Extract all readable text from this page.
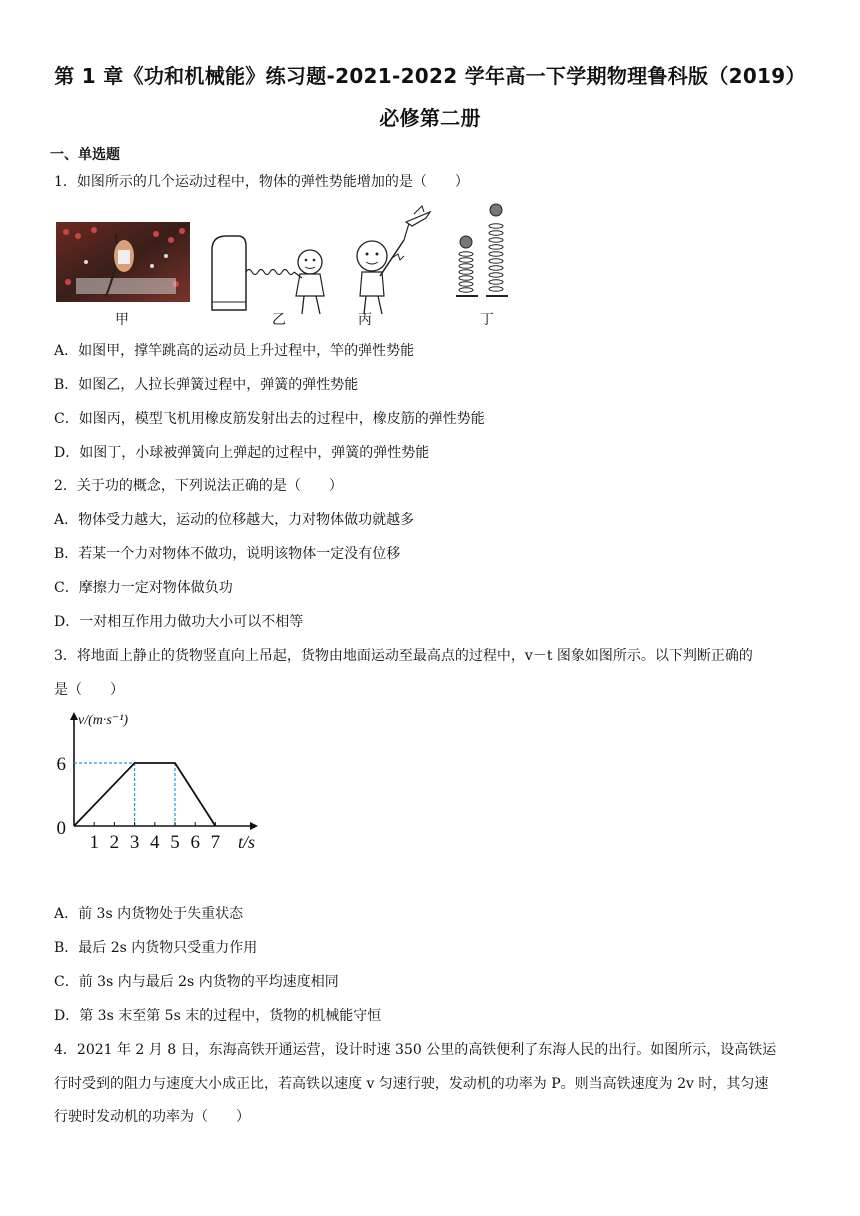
第 1 章《功和机械能》练习题-2021-2022 学年高一下学期物理鲁科版（2019）
必修第二册
一、单选题
1．如图所示的几个运动过程中，物体的弹性势能增加的是（　　）
甲	乙	丙	丁
A．如图甲，撑竿跳高的运动员上升过程中，竿的弹性势能
B．如图乙，人拉长弹簧过程中，弹簧的弹性势能
C．如图丙，模型飞机用橡皮筋发射出去的过程中，橡皮筋的弹性势能
D．如图丁，小球被弹簧向上弹起的过程中，弹簧的弹性势能
2．关于功的概念，下列说法正确的是（　　）
A．物体受力越大，运动的位移越大，力对物体做功就越多
B．若某一个力对物体不做功，说明该物体一定没有位移
C．摩擦力一定对物体做负功
D．一对相互作用力做功大小可以不相等
3．将地面上静止的货物竖直向上吊起，货物由地面运动至最高点的过程中，v－t 图象如图所示。以下判断正确的
是（　　）
1 2 3 4 5 6 7
6
0
v/(m·s⁻¹)
t/s
A．前 3s 内货物处于失重状态
B．最后 2s 内货物只受重力作用
C．前 3s 内与最后 2s 内货物的平均速度相同
D．第 3s 末至第 5s 末的过程中，货物的机械能守恒
4．2021 年 2 月 8 日，东海高铁开通运营，设计时速 350 公里的高铁便利了东海人民的出行。如图所示，设高铁运
行时受到的阻力与速度大小成正比，若高铁以速度 v 匀速行驶，发动机的功率为 P。则当高铁速度为 2v 时，其匀速
行驶时发动机的功率为（　　）
